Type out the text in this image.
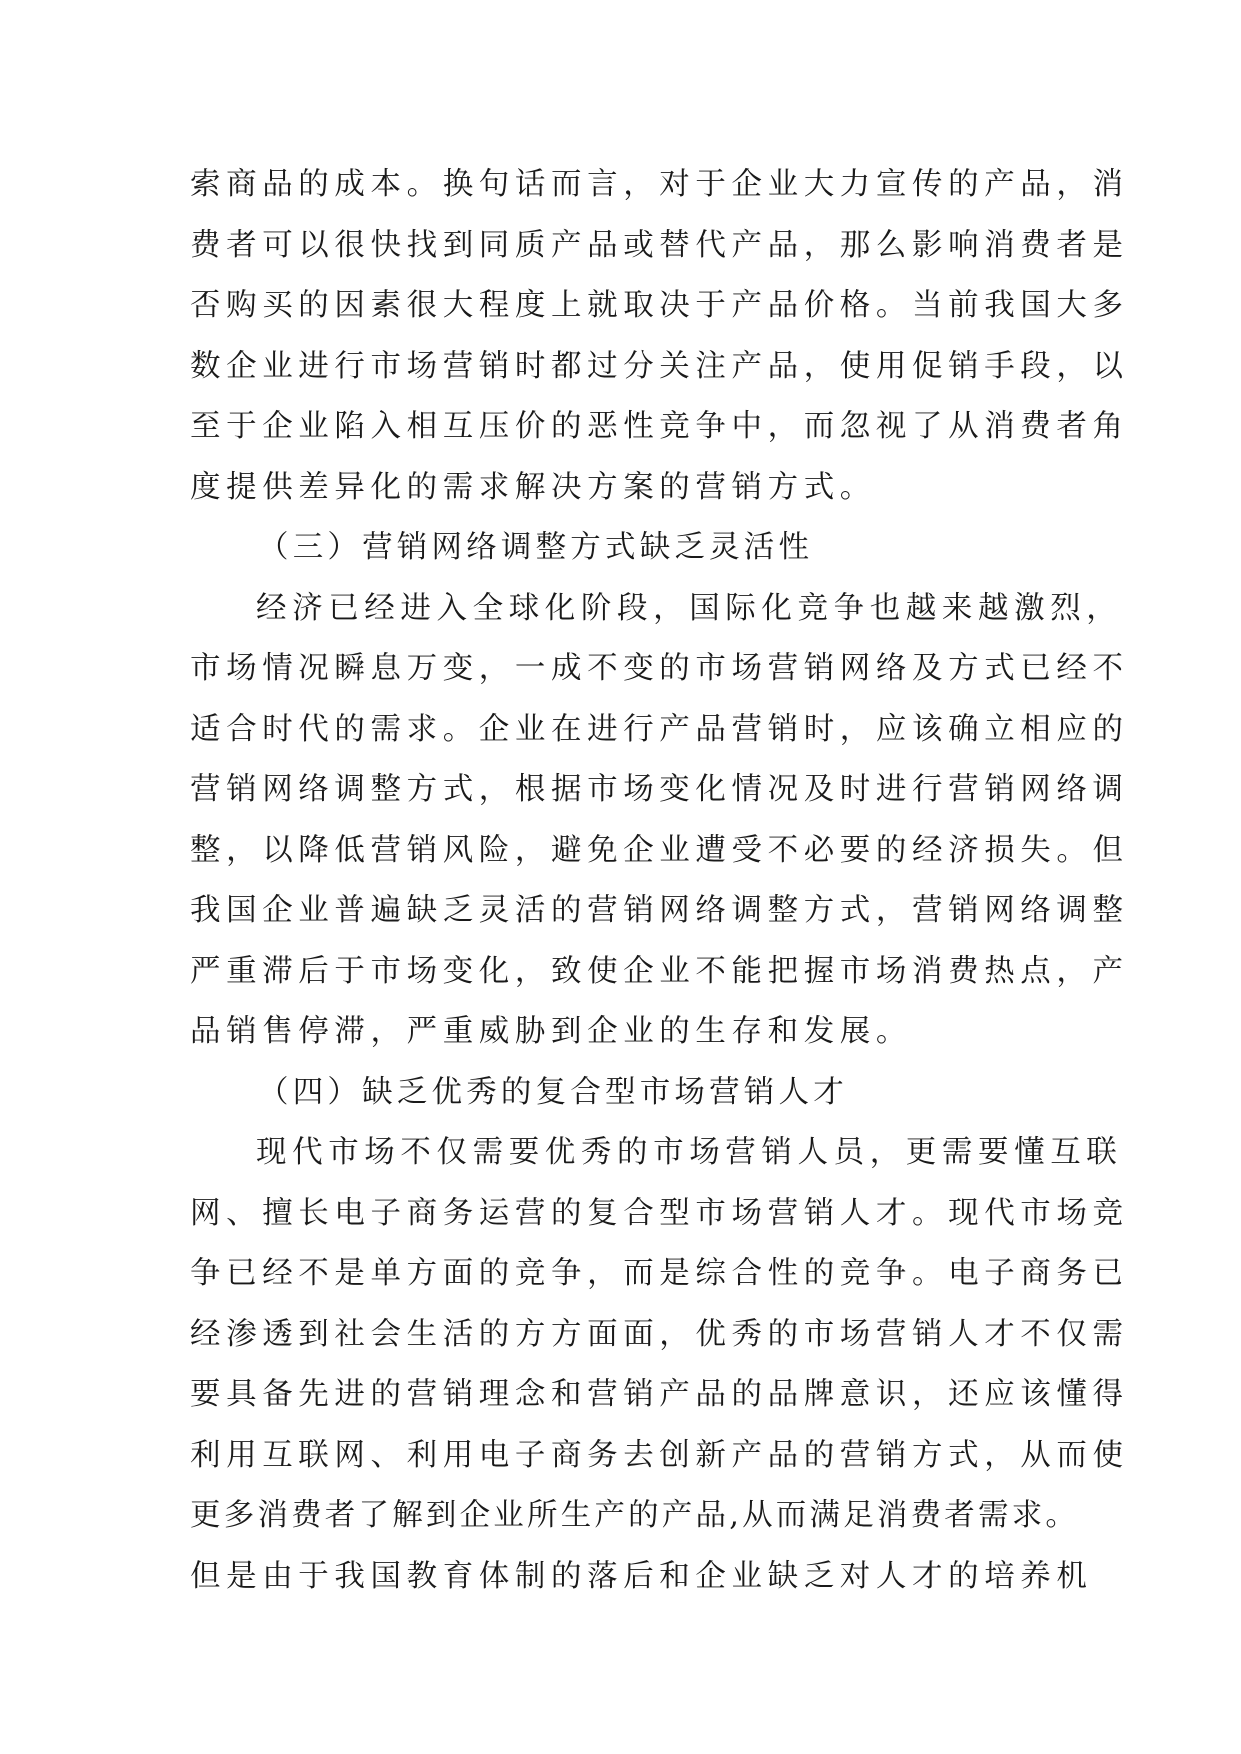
索商品的成本。换句话而言，对于企业大力宣传的产品，消
费者可以很快找到同质产品或替代产品，那么影响消费者是
否购买的因素很大程度上就取决于产品价格。当前我国大多
数企业进行市场营销时都过分关注产品，使用促销手段，以
至于企业陷入相互压价的恶性竞争中，而忽视了从消费者角
度提供差异化的需求解决方案的营销方式。
（三）营销网络调整方式缺乏灵活性
经济已经进入全球化阶段，国际化竞争也越来越激烈，
市场情况瞬息万变，一成不变的市场营销网络及方式已经不
适合时代的需求。企业在进行产品营销时，应该确立相应的
营销网络调整方式，根据市场变化情况及时进行营销网络调
整，以降低营销风险，避免企业遭受不必要的经济损失。但
我国企业普遍缺乏灵活的营销网络调整方式，营销网络调整
严重滞后于市场变化，致使企业不能把握市场消费热点，产
品销售停滞，严重威胁到企业的生存和发展。
（四）缺乏优秀的复合型市场营销人才
现代市场不仅需要优秀的市场营销人员，更需要懂互联
网、擅长电子商务运营的复合型市场营销人才。现代市场竞
争已经不是单方面的竞争，而是综合性的竞争。电子商务已
经渗透到社会生活的方方面面，优秀的市场营销人才不仅需
要具备先进的营销理念和营销产品的品牌意识，还应该懂得
利用互联网、利用电子商务去创新产品的营销方式，从而使
更多消费者了解到企业所生产的产品,从而满足消费者需求。
但是由于我国教育体制的落后和企业缺乏对人才的培养机
